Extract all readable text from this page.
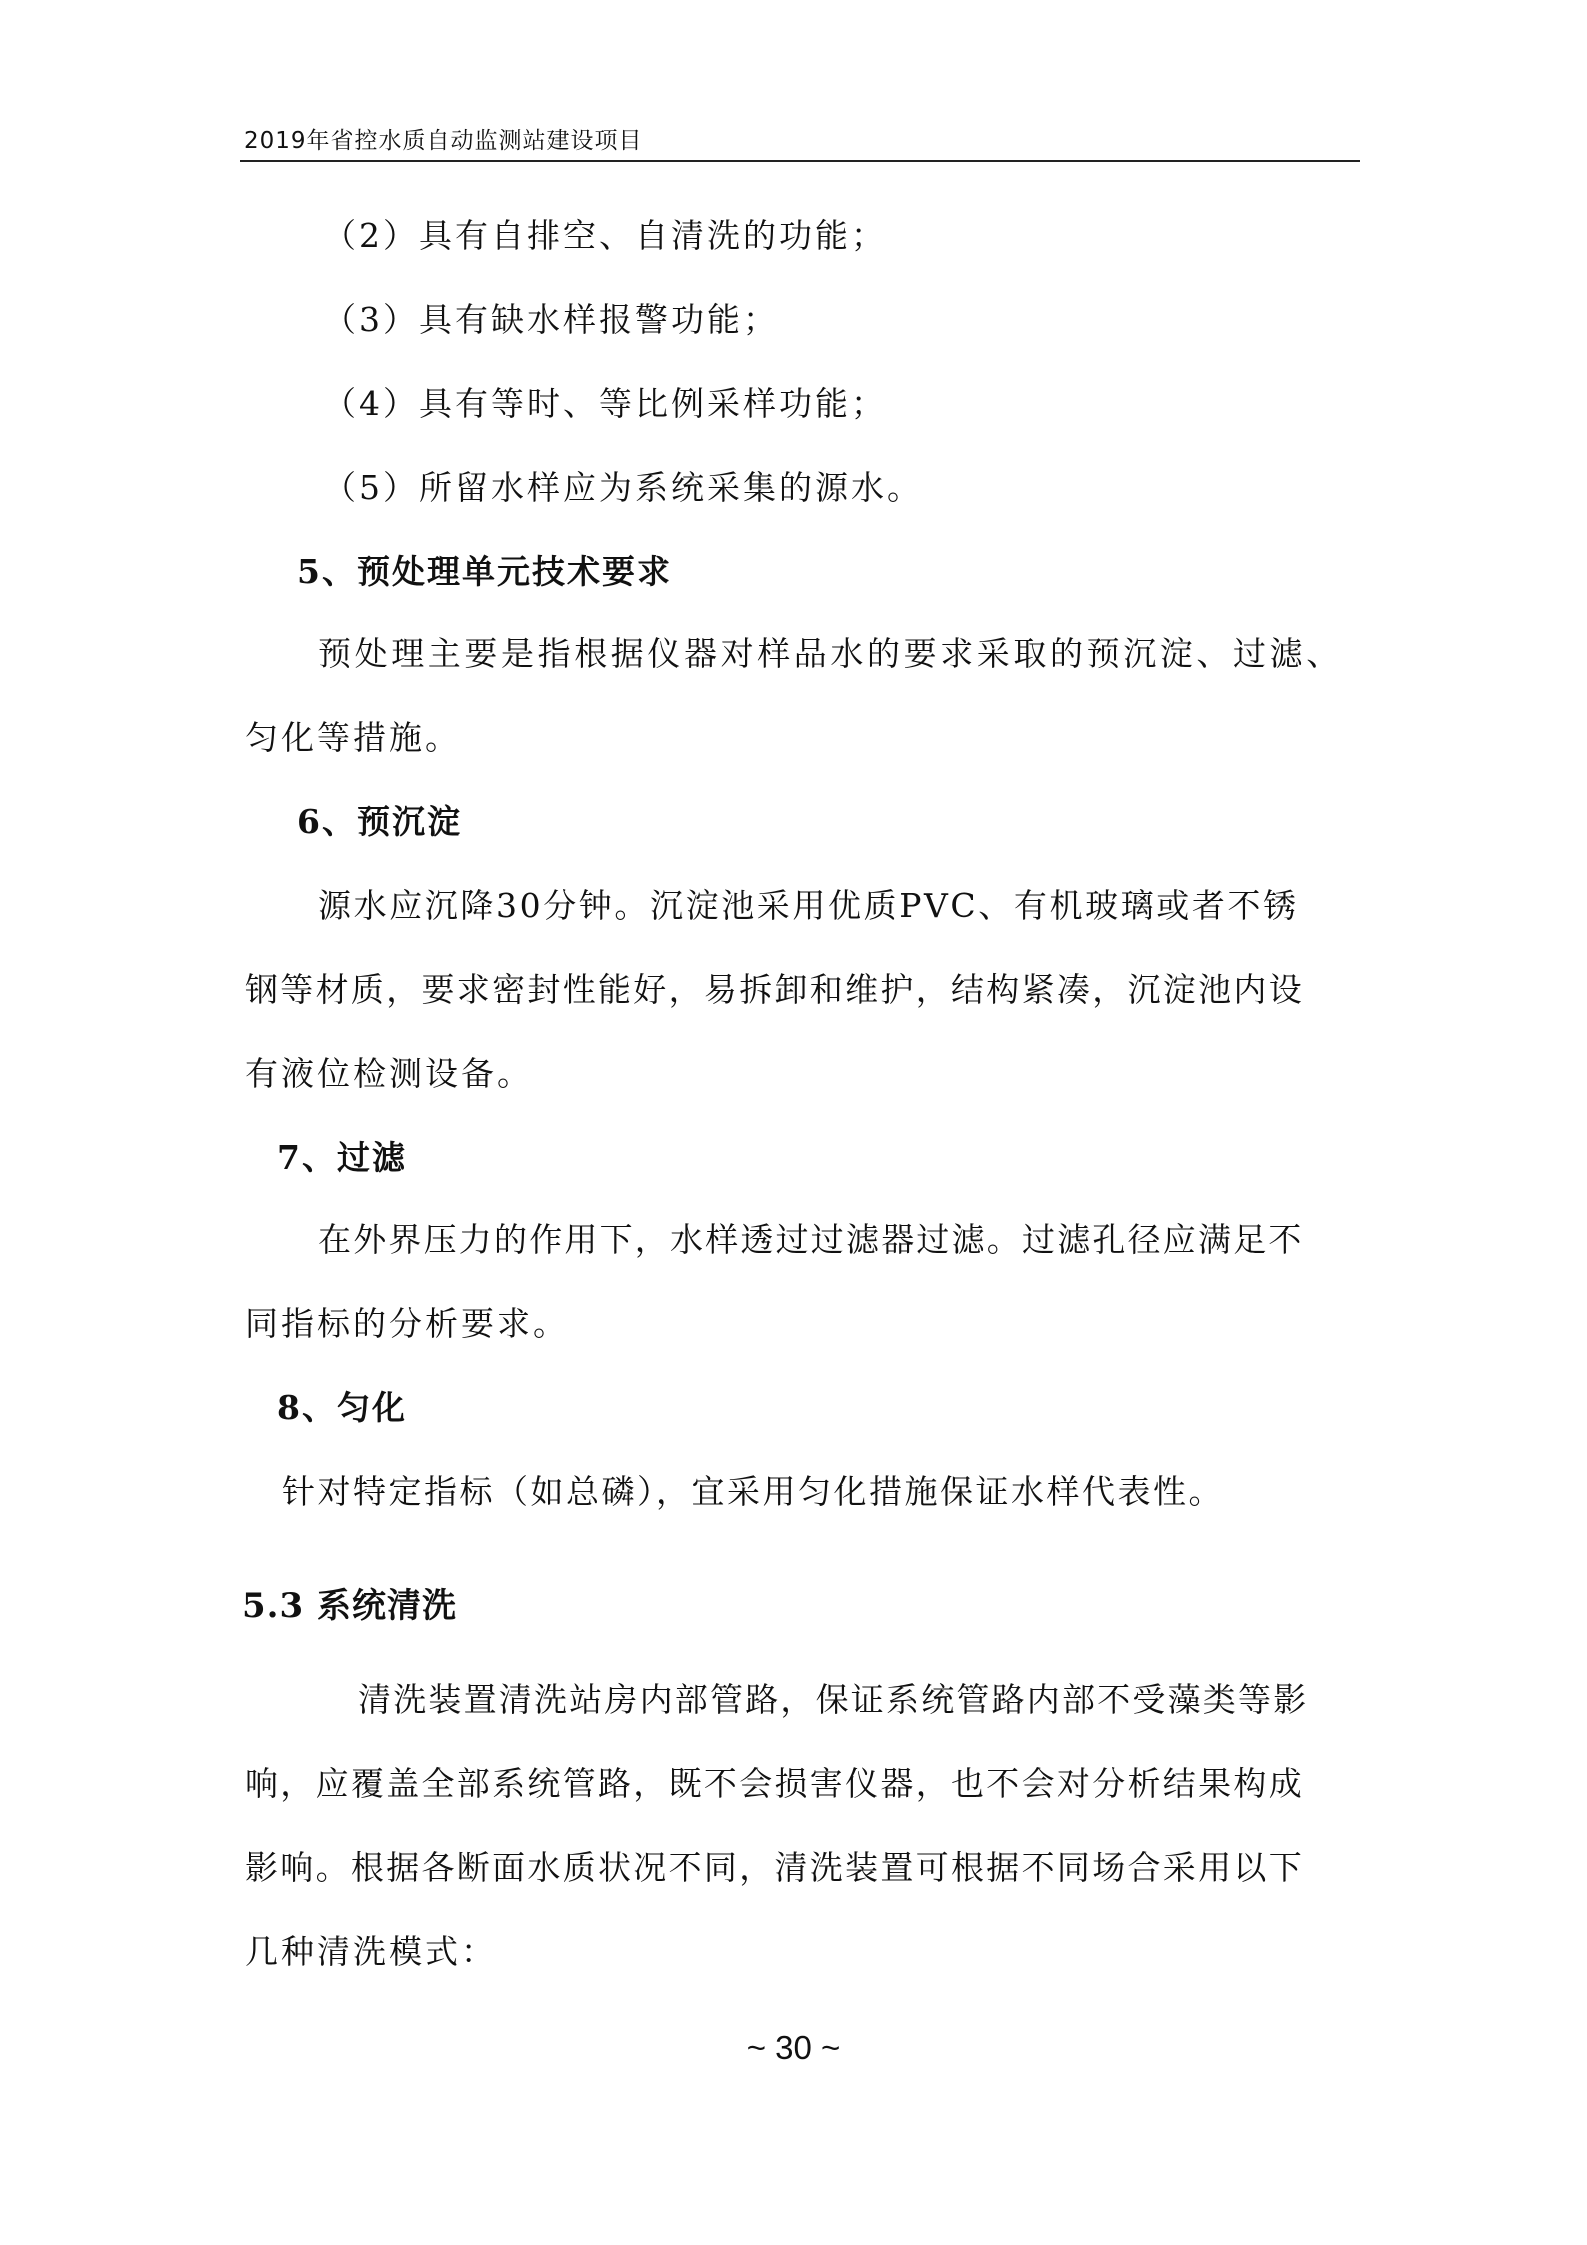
2019年省控水质自动监测站建设项目
（2）具有自排空、自清洗的功能；
（3）具有缺水样报警功能；
（4）具有等时、等比例采样功能；
（5）所留水样应为系统采集的源水。
5、预处理单元技术要求
预处理主要是指根据仪器对样品水的要求采取的预沉淀、过滤、
匀化等措施。
6、预沉淀
源水应沉降30分钟。沉淀池采用优质PVC、有机玻璃或者不锈
钢等材质，要求密封性能好，易拆卸和维护，结构紧凑，沉淀池内设
有液位检测设备。
7、过滤
在外界压力的作用下，水样透过过滤器过滤。过滤孔径应满足不
同指标的分析要求。
8、匀化
针对特定指标（如总磷），宜采用匀化措施保证水样代表性。
5.3 系统清洗
清洗装置清洗站房内部管路，保证系统管路内部不受藻类等影
响，应覆盖全部系统管路，既不会损害仪器，也不会对分析结果构成
影响。根据各断面水质状况不同，清洗装置可根据不同场合采用以下
几种清洗模式：
~ 30 ~
